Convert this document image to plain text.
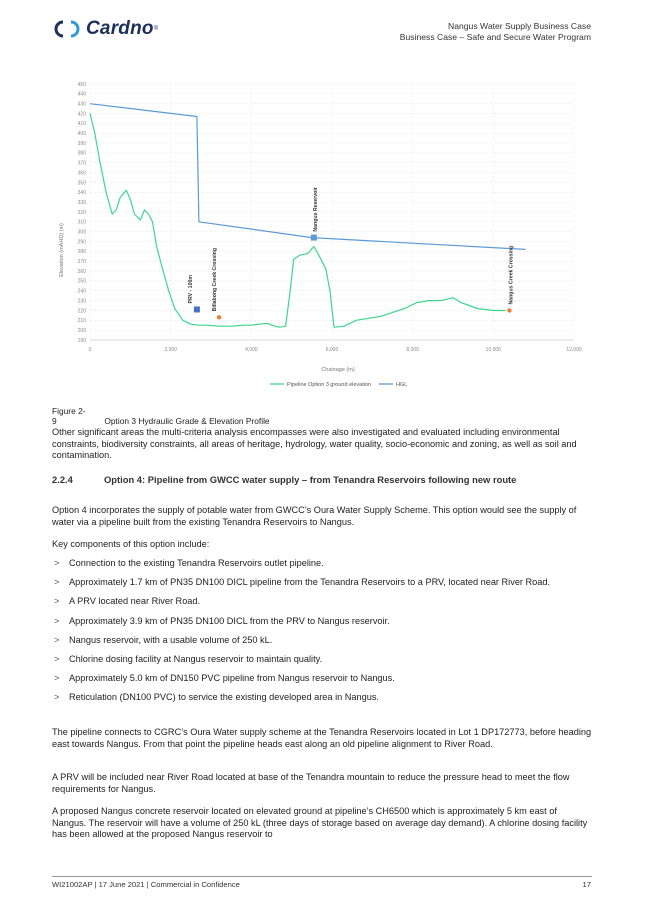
Cardno ®	Nangus Water Supply Business Case
Business Case – Safe and Secure Water Program
190
200
210
220
230
240
250
260
270
280
290
300
310
320
330
340
350
360
370
380
390
400
410
420
430
440
450
0	2,000	4,000	6,000	8,000	10,000	12,000
Elevation (mAHD) (m)
Chainage (m)
PRV - 100m	Billabong Creek Crossing
Nangus Reservoir
Nangus Creek Crossing
Pipeline Option 3 ground elevation	HGL
Figure 2-9	Option 3 Hydraulic Grade & Elevation Profile

Other significant areas the multi-criteria analysis encompasses were also investigated and evaluated including environmental constraints, biodiversity constraints, all areas of heritage, hydrology, water quality, socio-economic and zoning, as well as soil and contamination.

2.2.4	Option 4: Pipeline from GWCC water supply – from Tenandra Reservoirs following new route

Option 4 incorporates the supply of potable water from GWCC’s Oura Water Supply Scheme. This option would see the supply of water via a pipeline built from the existing Tenandra Reservoirs to Nangus.

Key components of this option include:

> Connection to the existing Tenandra Reservoirs outlet pipeline.
> Approximately 1.7 km of PN35 DN100 DICL pipeline from the Tenandra Reservoirs to a PRV, located near River Road.
> A PRV located near River Road.
> Approximately 3.9 km of PN35 DN100 DICL from the PRV to Nangus reservoir.
> Nangus reservoir, with a usable volume of 250 kL.
> Chlorine dosing facility at Nangus reservoir to maintain quality.
> Approximately 5.0 km of DN150 PVC pipeline from Nangus reservoir to Nangus.
> Reticulation (DN100 PVC) to service the existing developed area in Nangus.

The pipeline connects to CGRC’s Oura Water supply scheme at the Tenandra Reservoirs located in Lot 1 DP172773, before heading east towards Nangus. From that point the pipeline heads east along an old pipeline alignment to River Road.

A PRV will be included near River Road located at base of the Tenandra mountain to reduce the pressure head to meet the flow requirements for Nangus.

A proposed Nangus concrete reservoir located on elevated ground at pipeline’s CH6500 which is approximately 5 km east of Nangus. The reservoir will have a volume of 250 kL (three days of storage based on average day demand). A chlorine dosing facility has been allowed at the proposed Nangus reservoir to

WI21002AP | 17 June 2021 | Commercial in Confidence	17
